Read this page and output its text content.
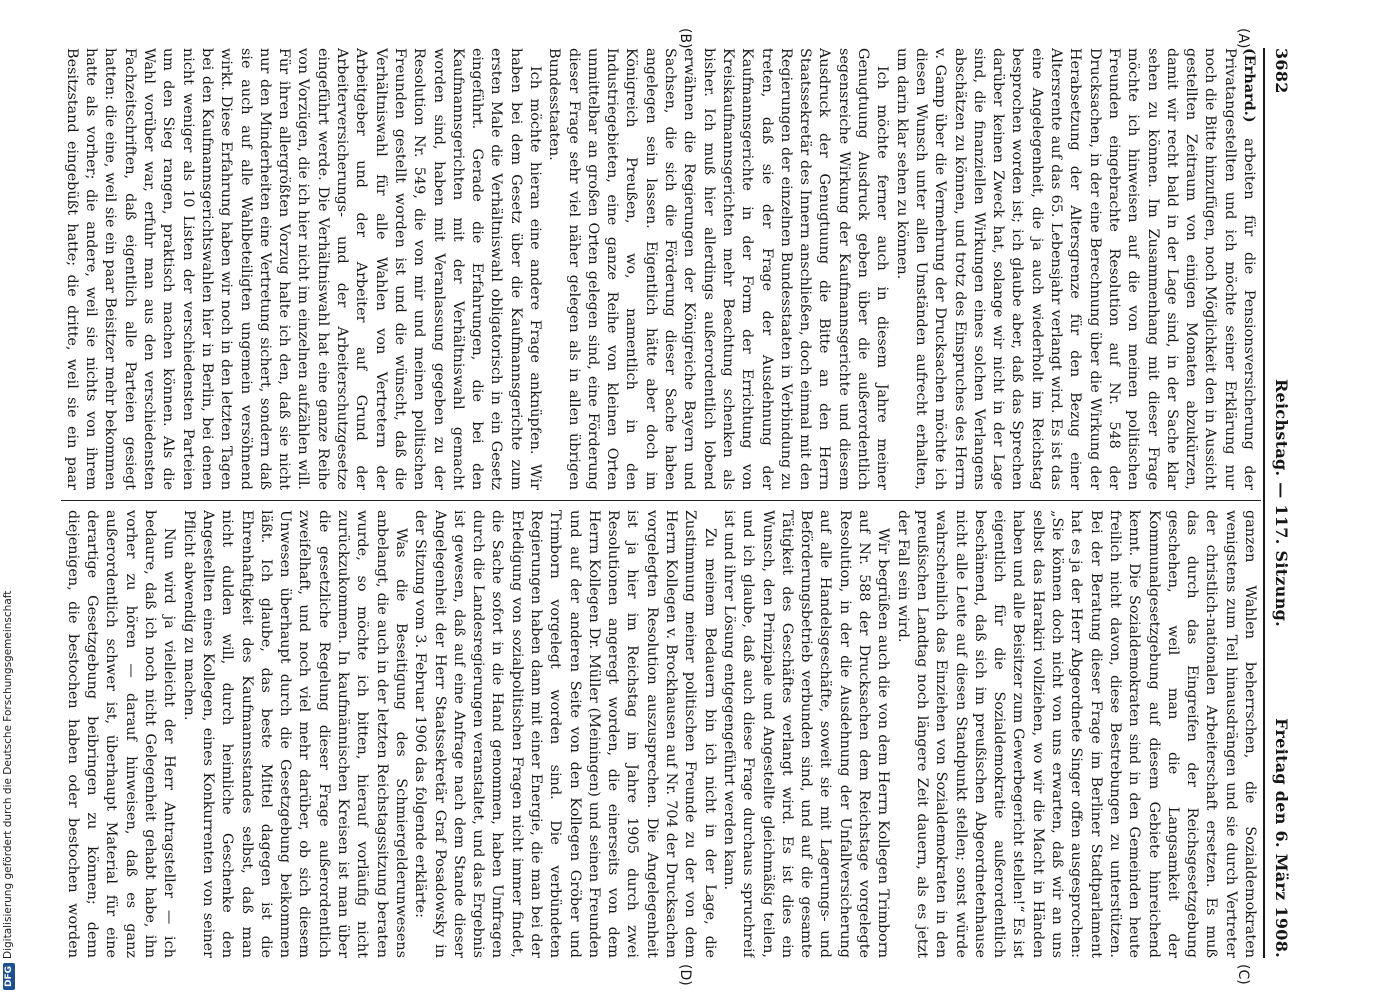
3682
Reichstag. — 117. Sitzung.
Freitag den 6. März 1908.
(A)
(B)
(C)
(D)

(Erhard.) arbeiten für die Pensionsversicherung der Privatangestellten und ich möchte seiner Erklärung nur noch die Bitte hinzufügen, noch Möglichkeit den in Aussicht gestellten Zeitraum von einigen Monaten abzukürzen, damit wir recht bald in der Lage sind, in der Sache klar sehen zu können. Im Zusammenhang mit dieser Frage möchte ich hinweisen auf die von meinen politischen Freunden eingebrachte Resolution auf Nr. 548 der Drucksachen, in der eine Berechnung über die Wirkung der Herabsetzung der Altersgrenze für den Bezug einer Altersrente auf das 65. Lebensjahr verlangt wird. Es ist das eine Angelegenheit, die ja auch wiederholt im Reichstag besprochen worden ist; ich glaube aber, daß das Sprechen darüber keinen Zweck hat, solange wir nicht in der Lage sind, die finanziellen Wirkungen eines solchen Verlangens abschätzen zu können, und trotz des Einspruches des Herrn v. Gamp über die Vermehrung der Drucksachen möchte ich diesen Wunsch unter allen Umständen aufrecht erhalten, um darin klar sehen zu können.

Ich möchte ferner auch in diesem Jahre meiner Genugtuung Ausdruck geben über die außerordentlich segensreiche Wirkung der Kaufmannsgerichte und diesem Ausdruck der Genugtuung die Bitte an den Herrn Staatssekretär des Innern anschließen, doch einmal mit den Regierungen der einzelnen Bundesstaaten in Verbindung zu treten, daß sie der Frage der Ausdehnung der Kaufmannsgerichte in der Form der Errichtung von Kreiskaufmannsgerichten mehr Beachtung schenken als bisher. Ich muß hier allerdings außerordentlich lobend erwähnen die Regierungen der Königreiche Bayern und Sachsen, die sich die Förderung dieser Sache haben angelegen sein lassen. Eigentlich hätte aber doch im Königreich Preußen, wo, namentlich in den Industriegebieten, eine ganze Reihe von kleinen Orten unmittelbar an großen Orten gelegen sind, eine Förderung dieser Frage sehr viel näher gelegen als in allen übrigen Bundesstaaten.

Ich möchte hieran eine andere Frage anknüpfen. Wir haben bei dem Gesetz über die Kaufmannsgerichte zum ersten Male die Verhältniswahl obligatorisch in ein Gesetz eingeführt. Gerade die Erfahrungen, die bei den Kaufmannsgerichten mit der Verhältniswahl gemacht worden sind, haben mit Veranlassung gegeben zu der Resolution Nr. 549, die von mir und meinen politischen Freunden gestellt worden ist und die wünscht, daß die Verhältniswahl für alle Wahlen von Vertretern der Arbeitgeber und der Arbeiter auf Grund der Arbeiterversicherungs- und der Arbeiterschutzgesetze eingeführt werde. Die Verhältniswahl hat eine ganze Reihe von Vorzügen, die ich hier nicht im einzelnen aufzählen will. Für ihren allergrößten Vorzug halte ich den, daß sie nicht nur den Minderheiten eine Vertretung sichert, sondern daß sie auch auf alle Wahlbeteiligten ungemein versöhnend wirkt. Diese Erfahrung haben wir noch in den letzten Tagen bei den Kaufmannsgerichtswahlen hier in Berlin, bei denen nicht weniger als 10 Listen der verschiedensten Parteien um den Sieg rangen, praktisch machen können. Als die Wahl vorüber war, erfuhr man aus den verschiedensten Fachzeitschriften, daß eigentlich alle Parteien gesiegt hatten: die eine, weil sie ein paar Beisitzer mehr bekommen hatte als vorher; die andere, weil sie nichts von ihrem Besitzstand eingebüßt hatte; die dritte, weil sie ein paar

ganzen Wahlen beherrschen, die Sozialdemokraten wenigstens zum Teil hinausdrängen und sie durch Vertreter der christlich-nationalen Arbeiterschaft ersetzen. Es muß das durch das Eingreifen der Reichsgesetzgebung geschehen, weil man die Langsamkeit der Kommunalgesetzgebung auf diesem Gebiete hinreichend kennt. Die Sozialdemokraten sind in den Gemeinden heute freilich nicht davon, diese Bestrebungen zu unterstützen. Bei der Beratung dieser Frage im Berliner Stadtparlament hat es ja der Herr Abgeordnete Singer offen ausgesprochen: „Sie können doch nicht von uns erwarten, daß wir an uns selbst das Harakiri vollziehen, wo wir die Macht in Händen haben und alle Beisitzer zum Gewerbegericht stellen!“ Es ist eigentlich für die Sozialdemokratie außerordentlich beschämend, daß sich im preußischen Abgeordnetenhause nicht alle Leute auf diesen Standpunkt stellen; sonst würde wahrscheinlich das Einziehen von Sozialdemokraten in den preußischen Landtag noch längere Zeit dauern, als es jetzt der Fall sein wird.

Wir begrüßen auch die von dem Herrn Kollegen Trimborn auf Nr. 588 der Drucksachen dem Reichstage vorgelegte Resolution, in der die Ausdehnung der Unfallversicherung auf alle Handelsgeschäfte, soweit sie mit Lagerungs- und Beförderungsbetrieb verbunden sind, und auf die gesamte Tätigkeit des Geschäftes verlangt wird. Es ist dies ein Wunsch, den Prinzipale und Angestellte gleichmäßig teilen, und ich glaube, daß auch diese Frage durchaus spruchreif ist und ihrer Lösung entgegengeführt werden kann.

Zu meinem Bedauern bin ich nicht in der Lage, die Zustimmung meiner politischen Freunde zu der von dem Herrn Kollegen v. Brockhausen auf Nr. 704 der Drucksachen vorgelegten Resolution auszusprechen. Die Angelegenheit ist ja hier im Reichstag im Jahre 1905 durch zwei Resolutionen angeregt worden, die einerseits von dem Herrn Kollegen Dr. Müller (Meiningen) und seinen Freunden und auf der anderen Seite von den Kollegen Gröber und Trimborn vorgelegt worden sind. Die verbündeten Regierungen haben dann mit einer Energie, die man bei der Erledigung von sozialpolitischen Fragen nicht immer findet, die Sache sofort in die Hand genommen, haben Umfragen durch die Landesregierungen veranstaltet, und das Ergebnis ist gewesen, daß auf eine Anfrage nach dem Stande dieser Angelegenheit der Herr Staatssekretär Graf Posadowsky in der Sitzung vom 3. Februar 1906 das folgende erklärte:

Was die Beseitigung des Schmiergelderunwesens anbelangt, die auch in der letzten Reichstagssitzung beraten wurde, so möchte ich bitten, hierauf vorläufig nicht zurückzukommen. In kaufmännischen Kreisen ist man über die gesetzliche Regelung dieser Frage außerordentlich zweifelhaft, und noch viel mehr darüber, ob sich diesem Unwesen überhaupt durch die Gesetzgebung beikommen läßt. Ich glaube, das beste Mittel dagegen ist die Ehrenhaftigkeit des Kaufmannsstandes selbst, daß man nicht dulden will, durch heimliche Geschenke den Angestellten eines Kollegen, eines Konkurrenten von seiner Pflicht abwendig zu machen.

Nun wird ja vielleicht der Herr Antragsteller — ich bedaure, daß ich noch nicht Gelegenheit gehabt habe, ihn vorher zu hören — darauf hinweisen, daß es ganz außerordentlich schwer ist, überhaupt Material für eine derartige Gesetzgebung beibringen zu können; denn diejenigen, die bestochen haben oder bestochen worden

DFGDigitalisierung gefördert durch die Deutsche Forschungsgemeinschaft
